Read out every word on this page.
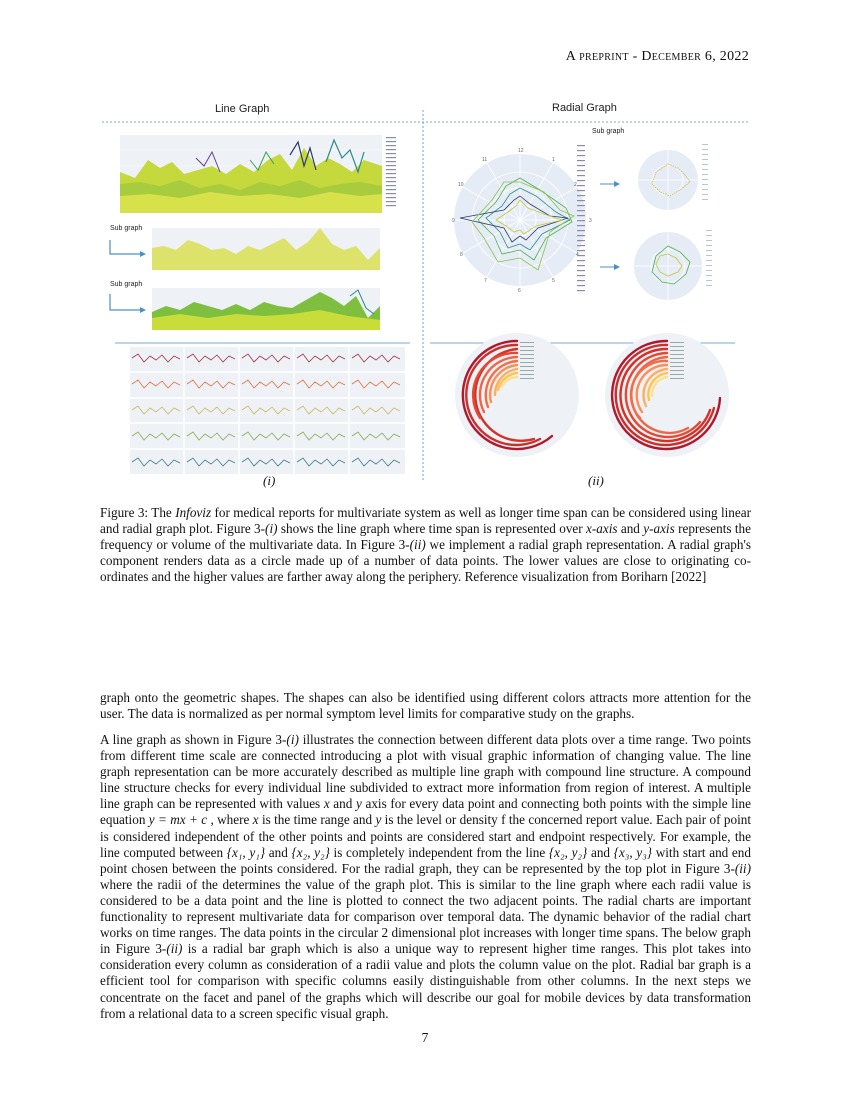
A preprint - December 6, 2022
12
1
2
3
5
6
7
8
9
10
11
Line Graph	Radial Graph
Sub graph
Sub graph
Sub graph
(i)	(ii)
Figure 3: The Infoviz for medical reports for multivariate system as well as longer time span can be considered using linear and radial graph plot. Figure 3-(i) shows the line graph where time span is represented over x-axis and y-axis represents the frequency or volume of the multivariate data. In Figure 3-(ii) we implement a radial graph representation. A radial graph's component renders data as a circle made up of a number of data points. The lower values are close to originating co-ordinates and the higher values are farther away along the periphery. Reference visualization from Boriharn [2022]
graph onto the geometric shapes. The shapes can also be identified using different colors attracts more attention for the user. The data is normalized as per normal symptom level limits for comparative study on the graphs.
A line graph as shown in Figure 3-(i) illustrates the connection between different data plots over a time range. Two points from different time scale are connected introducing a plot with visual graphic information of changing value. The line graph representation can be more accurately described as multiple line graph with compound line structure. A compound line structure checks for every individual line subdivided to extract more information from region of interest. A multiple line graph can be represented with values x and y axis for every data point and connecting both points with the simple line equation y = mx + c , where x is the time range and y is the level or density f the concerned report value. Each pair of point is considered independent of the other points and points are considered start and endpoint respectively. For example, the line computed between {x₁, y₁} and {x₂, y₂} is completely independent from the line {x₂, y₂} and {x₃, y₃} with start and end point chosen between the points considered. For the radial graph, they can be represented by the top plot in Figure 3-(ii) where the radii of the determines the value of the graph plot. This is similar to the line graph where each radii value is considered to be a data point and the line is plotted to connect the two adjacent points. The radial charts are important functionality to represent multivariate data for comparison over temporal data. The dynamic behavior of the radial chart works on time ranges. The data points in the circular 2 dimensional plot increases with longer time spans. The below graph in Figure 3-(ii) is a radial bar graph which is also a unique way to represent higher time ranges. This plot takes into consideration every column as consideration of a radii value and plots the column value on the plot. Radial bar graph is a efficient tool for comparison with specific columns easily distinguishable from other columns. In the next steps we concentrate on the facet and panel of the graphs which will describe our goal for mobile devices by data transformation from a relational data to a screen specific visual graph.
7
